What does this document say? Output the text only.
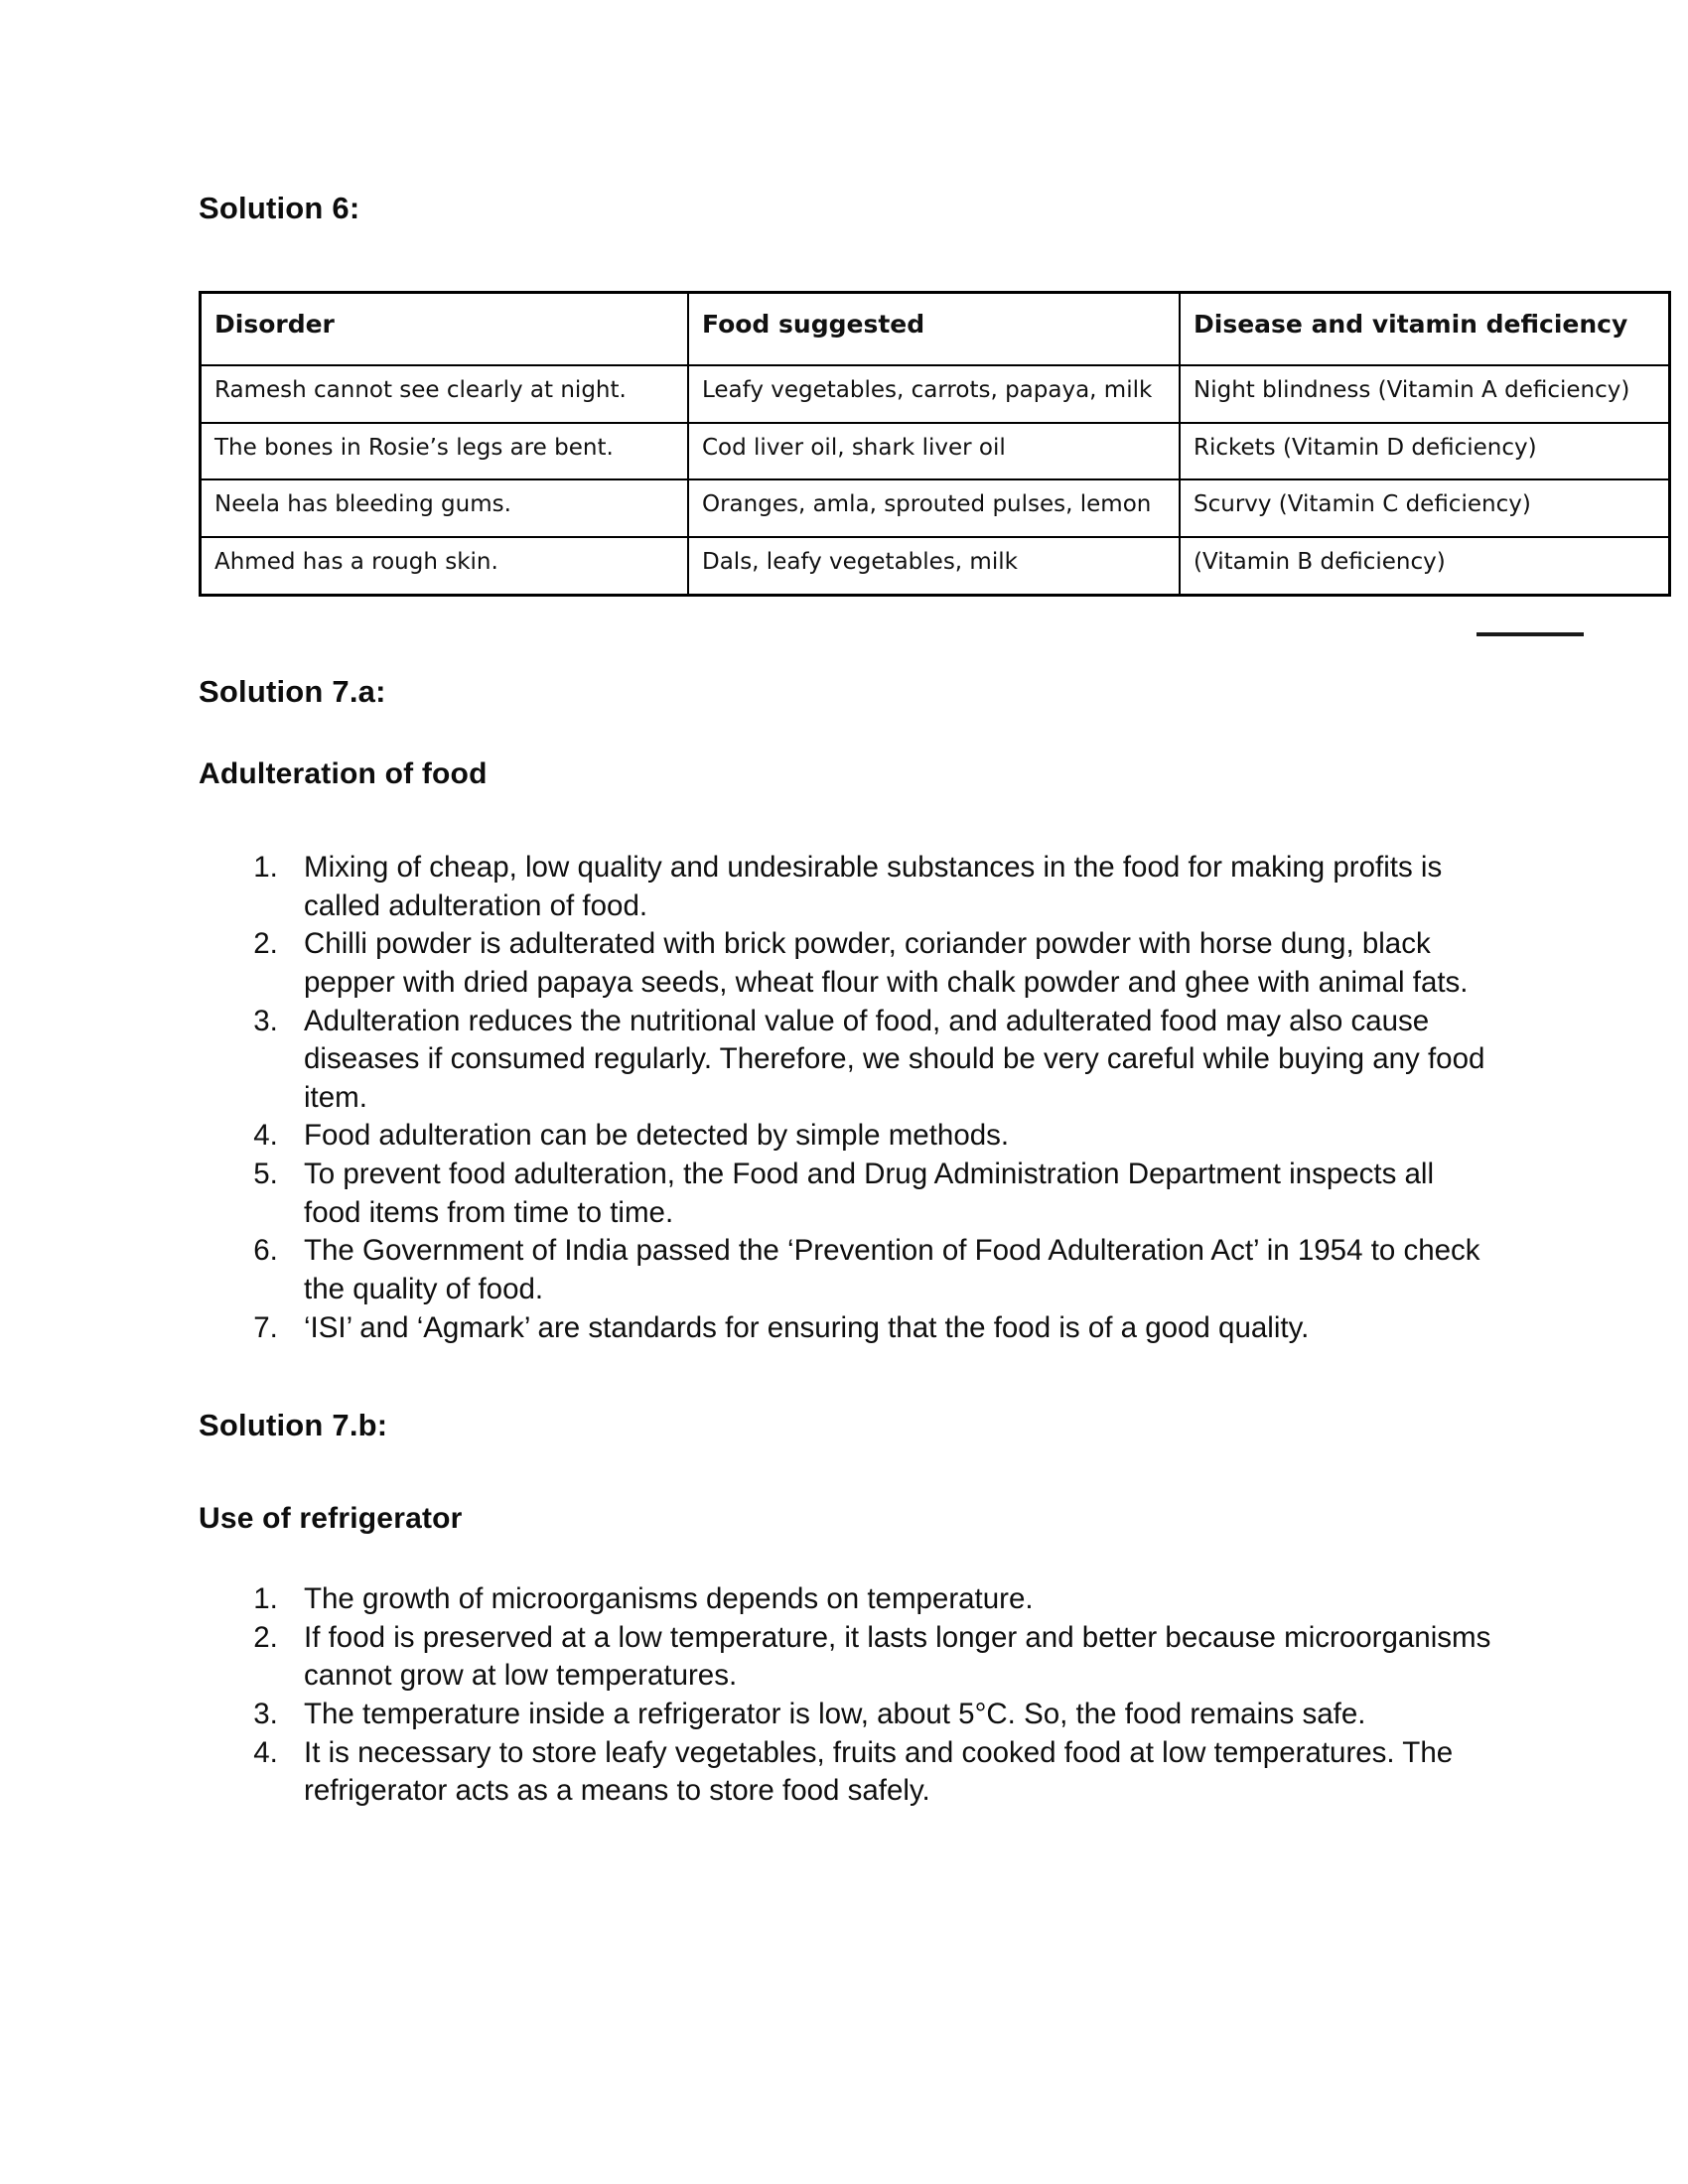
Solution 6:
Disorder	Food suggested	Disease and vitamin deficiency
Ramesh cannot see clearly at night.	Leafy vegetables, carrots, papaya, milk	Night blindness (Vitamin A deficiency)
The bones in Rosie’s legs are bent.	Cod liver oil, shark liver oil	Rickets (Vitamin D deficiency)
Neela has bleeding gums.	Oranges, amla, sprouted pulses, lemon	Scurvy (Vitamin C deficiency)
Ahmed has a rough skin.	Dals, leafy vegetables, milk	(Vitamin B deficiency)
Solution 7.a:
Adulteration of food
1. Mixing of cheap, low quality and undesirable substances in the food for making profits is called adulteration of food.
2. Chilli powder is adulterated with brick powder, coriander powder with horse dung, black pepper with dried papaya seeds, wheat flour with chalk powder and ghee with animal fats.
3. Adulteration reduces the nutritional value of food, and adulterated food may also cause diseases if consumed regularly. Therefore, we should be very careful while buying any food item.
4. Food adulteration can be detected by simple methods.
5. To prevent food adulteration, the Food and Drug Administration Department inspects all food items from time to time.
6. The Government of India passed the ‘Prevention of Food Adulteration Act’ in 1954 to check the quality of food.
7. ‘ISI’ and ‘Agmark’ are standards for ensuring that the food is of a good quality.
Solution 7.b:
Use of refrigerator
1. The growth of microorganisms depends on temperature.
2. If food is preserved at a low temperature, it lasts longer and better because microorganisms cannot grow at low temperatures.
3. The temperature inside a refrigerator is low, about 5°C. So, the food remains safe.
4. It is necessary to store leafy vegetables, fruits and cooked food at low temperatures. The refrigerator acts as a means to store food safely.
